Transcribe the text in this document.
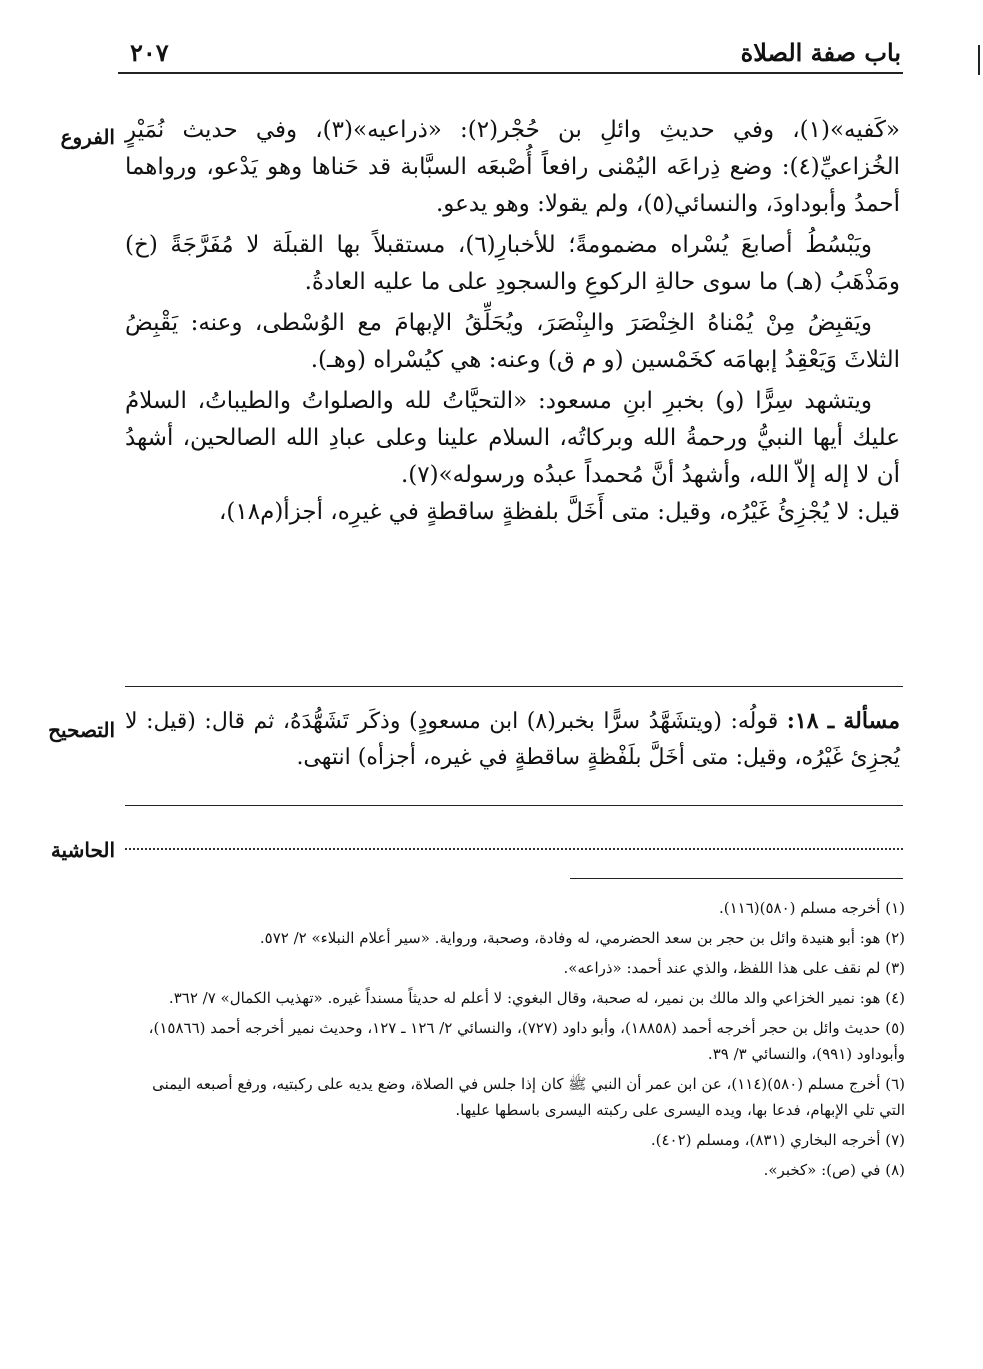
باب صفة الصلاة
٢٠٧
الفروع
التصحيح
الحاشية

«كَفيه»(١)، وفي حديثِ وائلِ بن حُجْر(٢): «ذراعيه»(٣)، وفي حديث نُمَيْرٍ الخُزاعيِّ(٤): وضع ذِراعَه اليُمْنى رافعاً أُصْبعَه السبَّابة قد حَناها وهو يَدْعو، ورواهما أحمدُ وأبوداودَ، والنسائي(٥)، ولم يقولا: وهو يدعو.

ويَبْسُطُ أصابعَ يُسْراه مضمومةً؛ للأخبارِ(٦)، مستقبلاً بها القبلَة لا مُفَرَّجَةً (خ) ومَذْهَبُ (هـ) ما سوى حالةِ الركوعِ والسجودِ على ما عليه العادةُ.

ويَقبِضُ مِنْ يُمْناهُ الخِنْصَرَ والبِنْصَرَ، ويُحَلِّقُ الإبهامَ مع الوُسْطى، وعنه: يَقْبِضُ الثلاثَ وَيَعْقِدُ إبهامَه كخَمْسين (و م ق) وعنه: هي كيُسْراه (وهـ).

ويتشهد سِرًّا (و) بخبرِ ابنِ مسعود: «التحيَّاتُ لله والصلواتُ والطيباتُ، السلامُ عليك أيها النبيُّ ورحمةُ الله وبركاتُه، السلام علينا وعلى عبادِ الله الصالحين، أشهدُ أن لا إله إلاّ الله، وأشهدُ أنَّ مُحمداً عبدُه ورسوله»(٧).

قيل: لا يُجْزِئُ غَيْرُه، وقيل: متى أَخَلَّ بلفظةٍ ساقطةٍ في غيرِه، أجزأ(م١٨)،

مسألة ـ ١٨: قولُه: (ويتشَهَّدُ سرًّا بخبر(٨) ابن مسعودٍ) وذكَر تَشَهُّدَهُ، ثم قال: (قيل: لا يُجزِئ غَيْرُه، وقيل: متى أخَلَّ بلَفْظةٍ ساقطةٍ في غيره، أجزأه) انتهى.

(١) أخرجه مسلم (٥٨٠)(١١٦).

(٢) هو: أبو هنيدة وائل بن حجر بن سعد الحضرمي، له وفادة، وصحبة، ورواية. «سير أعلام النبلاء» ٢/ ٥٧٢.

(٣) لم نقف على هذا اللفظ، والذي عند أحمد: «ذراعه».

(٤) هو: نمير الخزاعي والد مالك بن نمير، له صحبة، وقال البغوي: لا أعلم له حديثاً مسنداً غيره. «تهذيب الكمال» ٧/ ٣٦٢.

(٥) حديث وائل بن حجر أخرجه أحمد (١٨٨٥٨)، وأبو داود (٧٢٧)، والنسائي ٢/ ١٢٦ ـ ١٢٧، وحديث نمير أخرجه أحمد (١٥٨٦٦)، وأبوداود (٩٩١)، والنسائي ٣/ ٣٩.

(٦) أخرج مسلم (٥٨٠)(١١٤)، عن ابن عمر أن النبي ﷺ كان إذا جلس في الصلاة، وضع يديه على ركبتيه، ورفع أصبعه اليمنى التي تلي الإبهام، فدعا بها، ويده اليسرى على ركبته اليسرى باسطها عليها.

(٧) أخرجه البخاري (٨٣١)، ومسلم (٤٠٢).

(٨) في (ص): «كخبر».
